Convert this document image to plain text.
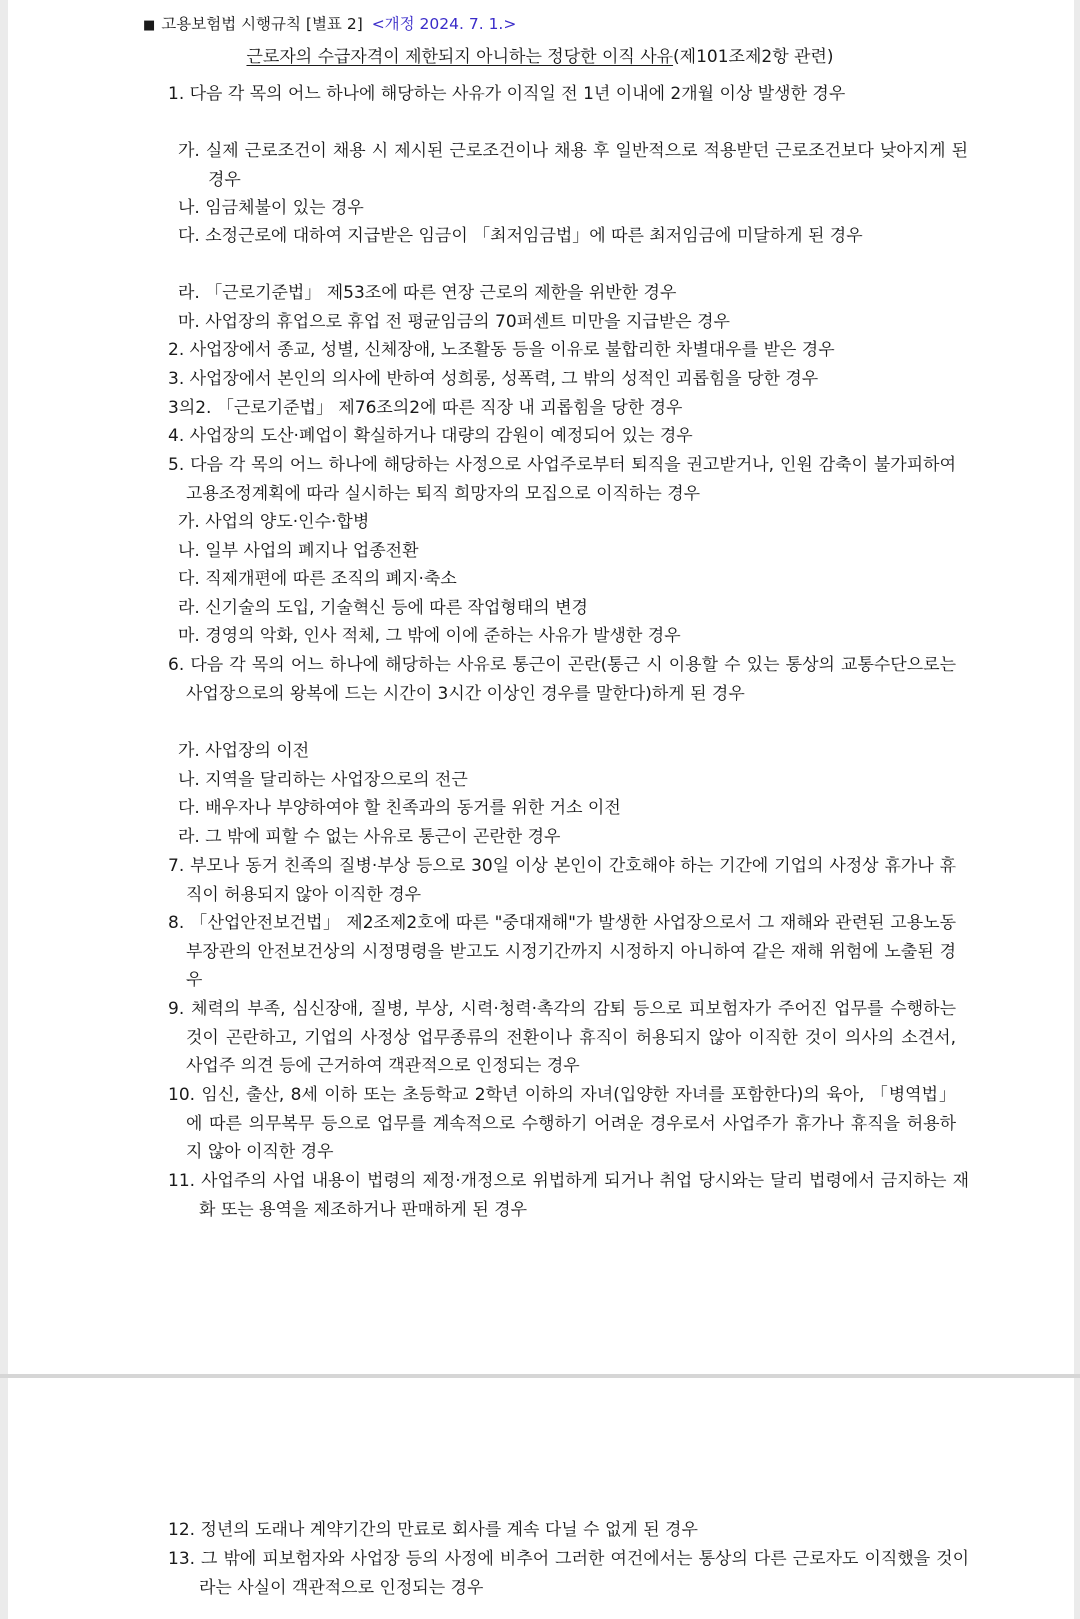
■ 고용보험법 시행규칙 [별표 2] <개정 2024. 7. 1.>
근로자의 수급자격이 제한되지 아니하는 정당한 이직 사유(제101조제2항 관련)
1. 다음 각 목의 어느 하나에 해당하는 사유가 이직일 전 1년 이내에 2개월 이상 발생한 경우
가. 실제 근로조건이 채용 시 제시된 근로조건이나 채용 후 일반적으로 적용받던 근로조건보다 낮아지게 된 경우
나. 임금체불이 있는 경우
다. 소정근로에 대하여 지급받은 임금이 「최저임금법」에 따른 최저임금에 미달하게 된 경우
라. 「근로기준법」 제53조에 따른 연장 근로의 제한을 위반한 경우
마. 사업장의 휴업으로 휴업 전 평균임금의 70퍼센트 미만을 지급받은 경우
2. 사업장에서 종교, 성별, 신체장애, 노조활동 등을 이유로 불합리한 차별대우를 받은 경우
3. 사업장에서 본인의 의사에 반하여 성희롱, 성폭력, 그 밖의 성적인 괴롭힘을 당한 경우
3의2. 「근로기준법」 제76조의2에 따른 직장 내 괴롭힘을 당한 경우
4. 사업장의 도산·폐업이 확실하거나 대량의 감원이 예정되어 있는 경우
5. 다음 각 목의 어느 하나에 해당하는 사정으로 사업주로부터 퇴직을 권고받거나, 인원 감축이 불가피하여 고용조정계획에 따라 실시하는 퇴직 희망자의 모집으로 이직하는 경우
가. 사업의 양도·인수·합병
나. 일부 사업의 폐지나 업종전환
다. 직제개편에 따른 조직의 폐지·축소
라. 신기술의 도입, 기술혁신 등에 따른 작업형태의 변경
마. 경영의 악화, 인사 적체, 그 밖에 이에 준하는 사유가 발생한 경우
6. 다음 각 목의 어느 하나에 해당하는 사유로 통근이 곤란(통근 시 이용할 수 있는 통상의 교통수단으로는 사업장으로의 왕복에 드는 시간이 3시간 이상인 경우를 말한다)하게 된 경우
가. 사업장의 이전
나. 지역을 달리하는 사업장으로의 전근
다. 배우자나 부양하여야 할 친족과의 동거를 위한 거소 이전
라. 그 밖에 피할 수 없는 사유로 통근이 곤란한 경우
7. 부모나 동거 친족의 질병·부상 등으로 30일 이상 본인이 간호해야 하는 기간에 기업의 사정상 휴가나 휴직이 허용되지 않아 이직한 경우
8. 「산업안전보건법」 제2조제2호에 따른 "중대재해"가 발생한 사업장으로서 그 재해와 관련된 고용노동부장관의 안전보건상의 시정명령을 받고도 시정기간까지 시정하지 아니하여 같은 재해 위험에 노출된 경우
9. 체력의 부족, 심신장애, 질병, 부상, 시력·청력·촉각의 감퇴 등으로 피보험자가 주어진 업무를 수행하는 것이 곤란하고, 기업의 사정상 업무종류의 전환이나 휴직이 허용되지 않아 이직한 것이 의사의 소견서, 사업주 의견 등에 근거하여 객관적으로 인정되는 경우
10. 임신, 출산, 8세 이하 또는 초등학교 2학년 이하의 자녀(입양한 자녀를 포함한다)의 육아, 「병역법」에 따른 의무복무 등으로 업무를 계속적으로 수행하기 어려운 경우로서 사업주가 휴가나 휴직을 허용하지 않아 이직한 경우
11. 사업주의 사업 내용이 법령의 제정·개정으로 위법하게 되거나 취업 당시와는 달리 법령에서 금지하는 재화 또는 용역을 제조하거나 판매하게 된 경우
12. 정년의 도래나 계약기간의 만료로 회사를 계속 다닐 수 없게 된 경우
13. 그 밖에 피보험자와 사업장 등의 사정에 비추어 그러한 여건에서는 통상의 다른 근로자도 이직했을 것이라는 사실이 객관적으로 인정되는 경우
